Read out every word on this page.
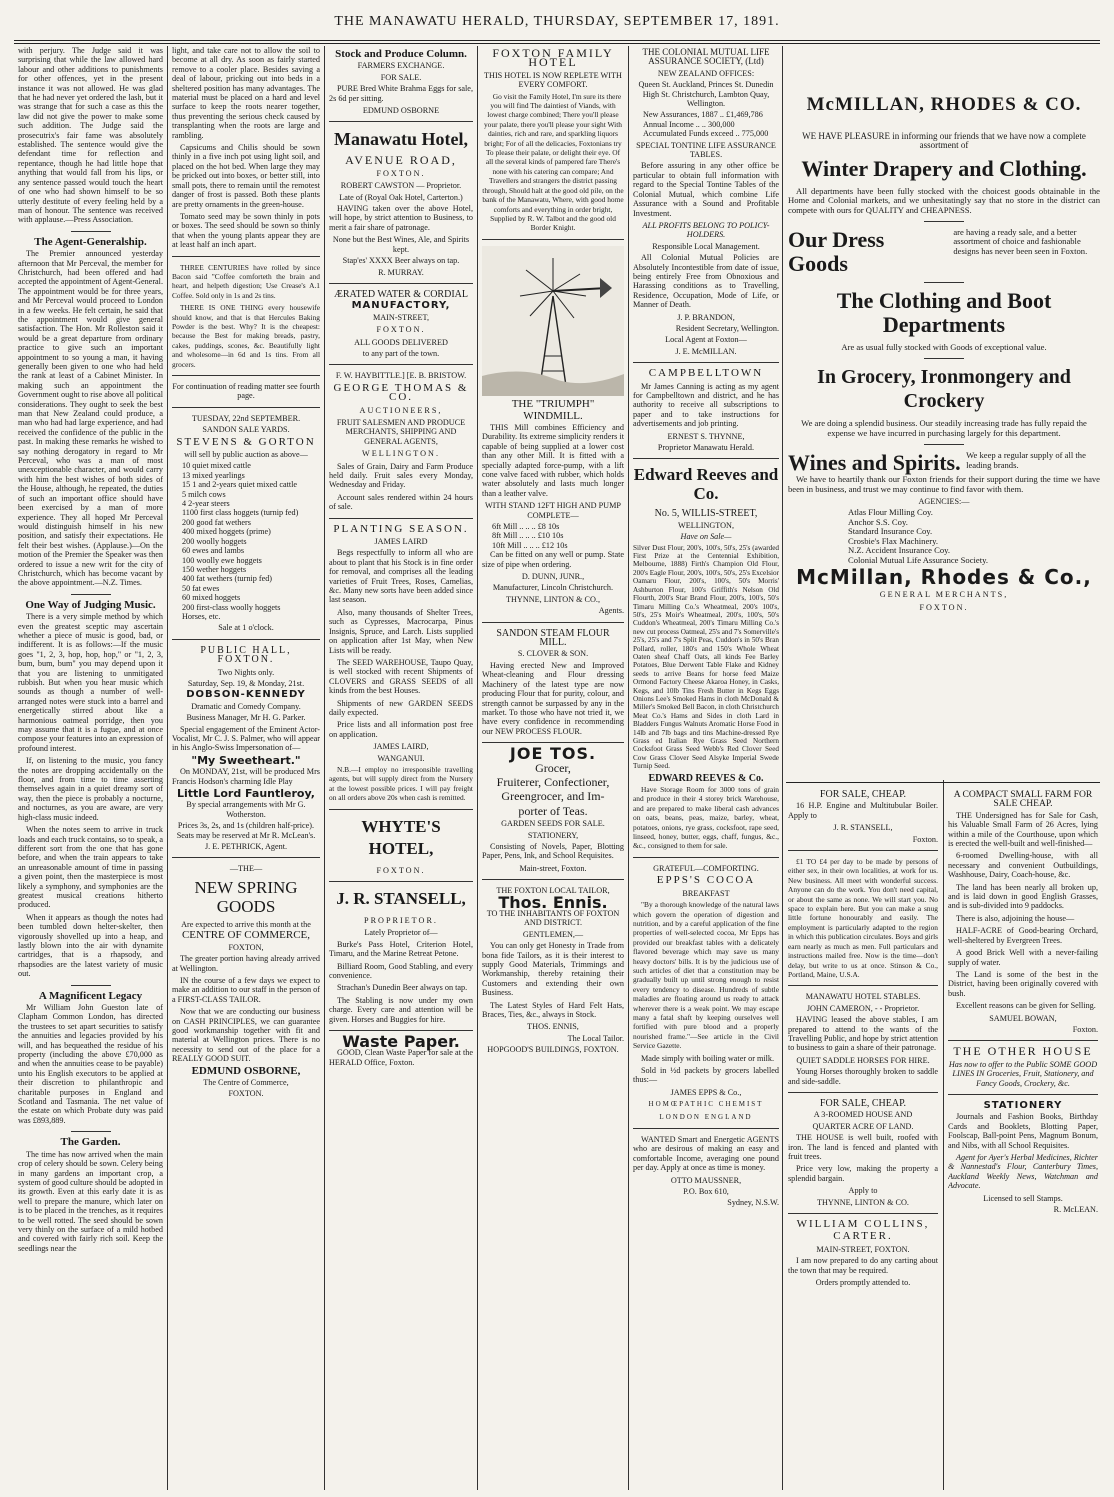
THE MANAWATU HERALD, THURSDAY, SEPTEMBER 17, 1891.

with perjury. The Judge said it was surprising that while the law allowed hard labour and other additions to punishments for other offences, yet in the present instance it was not allowed. He was glad that he had never yet ordered the lash, but it was strange that for such a case as this the law did not give the power to make some such addition. The Judge said the prosecutrix's fair fame was absolutely established. The sentence would give the defendant time for reflection and repentance, though he had little hope that anything that would fall from his lips, or any sentence passed would touch the heart of one who had shown himself to be so utterly destitute of every feeling held by a man of honour. The sentence was received with applause.—Press Association.

The Agent-Generalship.

The Premier announced yesterday afternoon that Mr Perceval, the member for Christchurch, had been offered and had accepted the appointment of Agent-General. The appointment would be for three years, and Mr Perceval would proceed to London in a few weeks. He felt certain, he said that the appointment would give general satisfaction. The Hon. Mr Rolleston said it would be a great departure from ordinary practice to give such an important appointment to so young a man, it having generally been given to one who had held the rank at least of a Cabinet Minister. In making such an appointment the Government ought to rise above all political considerations. They ought to seek the best man that New Zealand could produce, a man who had had large experience, and had received the confidence of the public in the past. In making these remarks he wished to say nothing derogatory in regard to Mr Perceval, who was a man of most unexceptionable character, and would carry with him the best wishes of both sides of the House, although, he repeated, the duties of such an important office should have been exercised by a man of more experience. They all hoped Mr Perceval would distinguish himself in his new position, and satisfy their expectations. He felt their best wishes. (Applause.)—On the motion of the Premier the Speaker was then ordered to issue a new writ for the city of Christchurch, which has become vacant by the above appointment.—N.Z. Times.

One Way of Judging Music.

There is a very simple method by which even the greatest sceptic may ascertain whether a piece of music is good, bad, or indifferent. It is as follows:—If the music goes "1, 2, 3, hop, hop, hop," or "1, 2, 3, bum, bum, bum" you may depend upon it that you are listening to unmitigated rubbish. But when you hear music which sounds as though a number of well-arranged notes were stuck into a barrel and energetically stirred about like a harmonious oatmeal porridge, then you may assume that it is a fugue, and at once compose your features into an expression of profound interest.

If, on listening to the music, you fancy the notes are dropping accidentally on the floor, and from time to time asserting themselves again in a quiet dreamy sort of way, then the piece is probably a nocturne, and nocturnes, as you are aware, are very high-class music indeed.

When the notes seem to arrive in truck loads and each truck contains, so to speak, a different sort from the one that has gone before, and when the train appears to take an unreasonable amount of time in passing a given point, then the masterpiece is most likely a symphony, and symphonies are the greatest musical creations hitherto produced.

When it appears as though the notes had been tumbled down helter-skelter, then vigorously shovelled up into a heap, and lastly blown into the air with dynamite cartridges, that is a rhapsody, and rhapsodies are the latest variety of music out.

A Magnificent Legacy

Mr William John Gueston late of Clapham Common London, has directed the trustees to set apart securities to satisfy the annuities and legacies provided by his will, and has bequeathed the residue of his property (including the above £70,000 as and when the annuities cease to be payable) unto his English executors to be applied at their discretion to philanthropic and charitable purposes in England and Scotland and Tasmania. The net value of the estate on which Probate duty was paid was £893,889.

The Garden.

The time has now arrived when the main crop of celery should be sown. Celery being in many gardens an important crop, a system of good culture should be adopted in its growth. Even at this early date it is as well to prepare the manure, which later on is to be placed in the trenches, as it requires to be well rotted. The seed should be sown very thinly on the surface of a mild hotbed and covered with fairly rich soil. Keep the seedlings near the

light, and take care not to allow the soil to become at all dry. As soon as fairly started remove to a cooler place. Besides saving a deal of labour, pricking out into beds in a sheltered position has many advantages. The material must be placed on a hard and level surface to keep the roots nearer together, thus preventing the serious check caused by transplanting when the roots are large and rambling.

Capsicums and Chilis should be sown thinly in a five inch pot using light soil, and placed on the hot bed. When large they may be pricked out into boxes, or better still, into small pots, there to remain until the remotest danger of frost is passed. Both these plants are pretty ornaments in the green-house.

Tomato seed may be sown thinly in pots or boxes. The seed should be sown so thinly that when the young plants appear they are at least half an inch apart.

THREE CENTURIES have rolled by since Bacon said "Coffee comforteth the brain and heart, and helpeth digestion; Use Crease's A.1 Coffee. Sold only in 1s and 2s tins.

THERE IS ONE THING every housewife should know, and that is that Hercules Baking Powder is the best. Why? It is the cheapest: because the Best for making breads, pastry, cakes, puddings, scones, &c. Beautifully light and wholesome—in 6d and 1s tins. From all grocers.

For continuation of reading matter see fourth page.
TUESDAY, 22nd SEPTEMBER.
SANDON SALE YARDS.
STEVENS & GORTON
will sell by public auction as above—
10 quiet mixed cattle
13 mixed yearlings
15 1 and 2-years quiet mixed cattle
5 milch cows
4 2-year steers
1100 first class hoggets (turnip fed)
200 good fat wethers
400 mixed hoggets (prime)
200 woolly hoggets
60 ewes and lambs
100 woolly ewe hoggets
150 wether hoggets
400 fat wethers (turnip fed)
50 fat ewes
60 mixed hoggets
200 first-class woolly hoggets
Horses, etc.
Sale at 1 o'clock.
PUBLIC HALL, FOXTON.
Two Nights only.
Saturday, Sep. 19, & Monday, 21st.
DOBSON-KENNEDY
Dramatic and Comedy Company.
Business Manager, Mr H. G. Parker.

Special engagement of the Eminent Actor-Vocalist, Mr C. J. S. Palmer, who will appear in his Anglo-Swiss Impersonation of—

"My Sweetheart."

On MONDAY, 21st, will be produced Mrs Francis Hodson's charming Idle Play

Little Lord Fauntleroy,
By special arrangements with Mr G. Wotherston.
Prices 3s, 2s, and 1s (children half-price). Seats may be reserved at Mr R. McLean's.
J. E. PETHRICK, Agent.
—THE—
NEW SPRING GOODS
Are expected to arrive this month at the
CENTRE OF COMMERCE,
FOXTON,

The greater portion having already arrived at Wellington.

IN the course of a few days we expect to make an addition to our staff in the person of a FIRST-CLASS TAILOR.

Now that we are conducting our business on CASH PRINCIPLES, we can guarantee good workmanship together with fit and material at Wellington prices. There is no necessity to send out of the place for a REALLY GOOD SUIT.

EDMUND OSBORNE,
The Centre of Commerce,
FOXTON.
Stock and Produce Column.
FARMERS EXCHANGE.
FOR SALE.

PURE Bred White Brahma Eggs for sale, 2s 6d per sitting.

EDMUND OSBORNE
Manawatu Hotel,
AVENUE ROAD,
FOXTON.
ROBERT CAWSTON — Proprietor.
Late of (Royal Oak Hotel, Carterton.)

HAVING taken over the above Hotel, will hope, by strict attention to Business, to merit a fair share of patronage.

None but the Best Wines, Ale, and Spirits kept.
Stap'es' XXXX Beer always on tap.
R. MURRAY.
ÆRATED WATER & CORDIAL
MANUFACTORY,
MAIN-STREET,
FOXTON.
ALL GOODS DELIVERED
to any part of the town.
F. W. HAYBITTLE.] [E. B. BRISTOW.
GEORGE THOMAS & CO.
AUCTIONEERS,
FRUIT SALESMEN AND PRODUCE MERCHANTS, SHIPPING AND GENERAL AGENTS,
WELLINGTON.

Sales of Grain, Dairy and Farm Produce held daily. Fruit sales every Monday, Wednesday and Friday.

Account sales rendered within 24 hours of sale.

PLANTING SEASON.
JAMES LAIRD

Begs respectfully to inform all who are about to plant that his Stock is in fine order for removal, and comprises all the leading varieties of Fruit Trees, Roses, Camelias, &c. Many new sorts have been added since last season.

Also, many thousands of Shelter Trees, such as Cypresses, Macrocarpa, Pinus Insignis, Spruce, and Larch. Lists supplied on application after 1st May, when New Lists will be ready.

The SEED WAREHOUSE, Taupo Quay, is well stocked with recent Shipments of CLOVERS and GRASS SEEDS of all kinds from the best Houses.

Shipments of new GARDEN SEEDS daily expected.

Price lists and all information post free on application.

JAMES LAIRD,
WANGANUI.

N.B.—I employ no irresponsible travelling agents, but will supply direct from the Nursery at the lowest possible prices. I will pay freight on all orders above 20s when cash is remitted.

WHYTE'S HOTEL,
FOXTON.
J. R. STANSELL,
PROPRIETOR.
Lately Proprietor of—

Burke's Pass Hotel, Criterion Hotel, Timaru, and the Marine Retreat Petone.

Billiard Room, Good Stabling, and every convenience.

Strachan's Dunedin Beer always on tap.

The Stabling is now under my own charge. Every care and attention will be given. Horses and Buggies for hire.

Waste Paper.

GOOD, Clean Waste Paper for sale at the HERALD Office, Foxton.

FOXTON FAMILY HOTEL
THIS HOTEL IS NOW REPLETE WITH EVERY COMFORT.

Go visit the Family Hotel, I'm sure its there you will find The daintiest of Viands, with lowest charge combined; There you'll please your palate, there you'll please your sight With dainties, rich and rare, and sparkling liquors bright; For of all the delicacies, Foxtonians try To please their palate, or delight their eye. Of all the several kinds of pampered fare There's none with his catering can compare; And Travellers and strangers the district passing through, Should halt at the good old pile, on the bank of the Manawatu, Where, with good home comforts and everything in order bright, Supplied by R. W. Talbot and the good old Border Knight.

THE "TRIUMPH"
WINDMILL.

THIS Mill combines Efficiency and Durability. Its extreme simplicity renders it capable of being supplied at a lower cost than any other Mill. It is fitted with a specially adapted force-pump, with a lift cone valve faced with rubber, which holds water absolutely and lasts much longer than a leather valve.

WITH STAND 12FT HIGH AND PUMP COMPLETE—
6ft Mill .. .. .. £8 10s
8ft Mill .. .. .. £10 10s
10ft Mill .. .. .. £12 10s

Can be fitted on any well or pump. State size of pipe when ordering.

D. DUNN, JUNR.,
Manufacturer, Lincoln Christchurch.
THYNNE, LINTON & CO.,
Agents.
SANDON STEAM FLOUR MILL.
S. CLOVER & SON.

Having erected New and Improved Wheat-cleaning and Flour dressing Machinery of the latest type are now producing Flour that for purity, colour, and strength cannot be surpassed by any in the market. To those who have not tried it, we have every confidence in recommending our NEW PROCESS FLOUR.

JOE TOS.
Grocer,
Fruiterer, Confectioner,
Greengrocer, and Im-
porter of Teas.
GARDEN SEEDS FOR SALE.
STATIONERY,

Consisting of Novels, Paper, Blotting Paper, Pens, Ink, and School Requisites.

Main-street, Foxton.
THE FOXTON LOCAL TAILOR,
Thos. Ennis.
TO THE INHABITANTS OF FOXTON AND DISTRICT.
GENTLEMEN,—

You can only get Honesty in Trade from bona fide Tailors, as it is their interest to supply Good Materials, Trimmings and Workmanship, thereby retaining their Customers and extending their own Business.

The Latest Styles of Hard Felt Hats, Braces, Ties, &c., always in Stock.

THOS. ENNIS,
The Local Tailor.
HOPGOOD'S BUILDINGS, FOXTON.
THE COLONIAL MUTUAL LIFE ASSURANCE SOCIETY, (Ltd)
NEW ZEALAND OFFICES:
Queen St. Auckland, Princes St. Dunedin High St. Christchurch, Lambton Quay, Wellington.
New Assurances, 1887 .. £1,469,786
Annual Income .. .. 300,000
Accumulated Funds exceed .. 775,000
SPECIAL TONTINE LIFE ASSURANCE TABLES.

Before assuring in any other office be particular to obtain full information with regard to the Special Tontine Tables of the Colonial Mutual, which combine Life Assurance with a Sound and Profitable Investment.

ALL PROFITS BELONG TO POLICY-HOLDERS.
Responsible Local Management.

All Colonial Mutual Policies are Absolutely Incontestible from date of issue, being entirely Free from Obnoxious and Harassing conditions as to Travelling, Residence, Occupation, Mode of Life, or Manner of Death.

J. P. BRANDON,
Resident Secretary, Wellington.
Local Agent at Foxton—
J. E. McMILLAN.
CAMPBELLTOWN

Mr James Canning is acting as my agent for Campbelltown and district, and he has authority to receive all subscriptions to paper and to take instructions for advertisements and job printing.

ERNEST S. THYNNE,
Proprietor Manawatu Herald.
Edward Reeves and Co.
No. 5, WILLIS-STREET,
WELLINGTON,
Have on Sale—

Silver Dust Flour, 200's, 100's, 50's, 25's (awarded First Prize at the Centennial Exhibition, Melbourne, 1888) Firth's Champion Old Flour, 200's Eagle Flour, 200's, 100's, 50's, 25's Excelsior Oamaru Flour, 200's, 100's, 50's Morris' Ashburton Flour, 100's Griffith's Nelson Old Flourth, 200's Star Brand Flour, 200's, 100's, 50's Timaru Milling Co.'s Wheatmeal, 200's 100's, 50's, 25's Moir's Wheatmeal, 200's, 100's, 50's Cuddon's Wheatmeal, 200's Timaru Milling Co.'s new cut process Oatmeal, 25's and 7's Somerville's 25's, 25's and 7's Split Peas, Cuddon's in 50's Bran Pollard, roller, 180's and 150's Whole Wheat Oaten sheaf Chaff Oats, all kinds Fee Barley Potatoes, Blue Derwent Table Flake and Kidney seeds to arrive Beans for horse feed Maize Ormond Factory Cheese Akaroa Honey, in Casks, Kegs, and 10lb Tins Fresh Butter in Kegs Eggs Onions Lee's Smoked Hams in cloth McDonald & Miller's Smoked Bell Bacon, in cloth Christchurch Meat Co.'s Hams and Sides in cloth Lard in Bladders Fungus Walnuts Aromatic Horse Food in 14lb and 7lb bags and tins Machine-dressed Rye Grass ed Italian Rye Grass Seed Northern Cocksfoot Grass Seed Webb's Red Clover Seed Cow Grass Clover Seed Alsyke Imperial Swede Turnip Seed.

EDWARD REEVES & Co.

Have Storage Room for 3000 tons of grain and produce in their 4 storey brick Warehouse, and are prepared to make liberal cash advances on oats, beans, peas, maize, barley, wheat, potatoes, onions, rye grass, cocksfoot, rape seed, linseed, honey, butter, eggs, chaff, fungus, &c., &c., consigned to them for sale.

GRATEFUL—COMFORTING.
EPPS'S COCOA
BREAKFAST

"By a thorough knowledge of the natural laws which govern the operation of digestion and nutrition, and by a careful application of the fine properties of well-selected cocoa, Mr Epps has provided our breakfast tables with a delicately flavored beverage which may save us many heavy doctors' bills. It is by the judicious use of such articles of diet that a constitution may be gradually built up until strong enough to resist every tendency to disease. Hundreds of subtle maladies are floating around us ready to attack wherever there is a weak point. We may escape many a fatal shaft by keeping ourselves well fortified with pure blood and a properly nourished frame."—See article in the Civil Service Gazette.

Made simply with boiling water or milk.

Sold in ½d packets by grocers labelled thus:—

JAMES EPPS & Co.,
HOMŒPATHIC CHEMIST
LONDON ENGLAND

WANTED Smart and Energetic AGENTS who are desirous of making an easy and comfortable Income, averaging one pound per day. Apply at once as time is money.

OTTO MAUSSNER,
P.O. Box 610,
Sydney, N.S.W.
McMILLAN, RHODES & CO.
WE HAVE PLEASURE in informing our friends that we have now a complete assortment of
Winter Drapery and Clothing.

All departments have been fully stocked with the choicest goods obtainable in the Home and Colonial markets, and we unhesitatingly say that no store in the district can compete with ours for QUALITY and CHEAPNESS.

Our Dress Goods
are having a ready sale, and a better assortment of choice and fashionable designs has never been seen in Foxton.
The Clothing and Boot Departments
Are as usual fully stocked with Goods of exceptional value.
In Grocery, Ironmongery and Crockery
We are doing a splendid business. Our steadily increasing trade has fully repaid the expense we have incurred in purchasing largely for this department.
Wines and Spirits. We keep a regular supply of all the leading brands.

We have to heartily thank our Foxton friends for their support during the time we have been in business, and trust we may continue to find favor with them.

AGENCIES:—
Atlas Flour Milling Coy.
Anchor S.S. Coy.
Standard Insurance Coy.
Crosbie's Flax Machinery.
N.Z. Accident Insurance Coy.
Colonial Mutual Life Assurance Society.
McMillan, Rhodes & Co.,
GENERAL MERCHANTS,
FOXTON.
FOR SALE, CHEAP.

16 H.P. Engine and Multitubular Boiler. Apply to

J. R. STANSELL,
Foxton.

£1 TO £4 per day to be made by persons of either sex, in their own localities, at work for us. New business. All meet with wonderful success. Anyone can do the work. You don't need capital, or about the same as none. We will start you. No space to explain here. But you can make a snug little fortune honourably and easily. The employment is particularly adapted to the region in which this publication circulates. Boys and girls earn nearly as much as men. Full particulars and instructions mailed free. Now is the time—don't delay, but write to us at once. Stinson & Co., Portland, Maine, U.S.A.

MANAWATU HOTEL STABLES.
JOHN CAMERON, - - Proprietor.

HAVING leased the above stables, I am prepared to attend to the wants of the Travelling Public, and hope by strict attention to business to gain a share of their patronage.

QUIET SADDLE HORSES FOR HIRE.

Young Horses thoroughly broken to saddle and side-saddle.

FOR SALE, CHEAP.
A 3-ROOMED HOUSE AND
QUARTER ACRE OF LAND.

THE HOUSE is well built, roofed with iron. The land is fenced and planted with fruit trees.

Price very low, making the property a splendid bargain.

Apply to
THYNNE, LINTON & CO.
WILLIAM COLLINS,
CARTER.
MAIN-STREET, FOXTON.

I am now prepared to do any carting about the town that may be required.

Orders promptly attended to.
A COMPACT SMALL FARM FOR SALE CHEAP.

THE Undersigned has for Sale for Cash, his Valuable Small Farm of 26 Acres, lying within a mile of the Courthouse, upon which is erected the well-built and well-finished—

6-roomed Dwelling-house, with all necessary and convenient Outbuildings, Washhouse, Dairy, Coach-house, &c.

The land has been nearly all broken up, and is laid down in good English Grasses, and is sub-divided into 9 paddocks.

There is also, adjoining the house—

HALF-ACRE of Good-bearing Orchard, well-sheltered by Evergreen Trees.

A good Brick Well with a never-failing supply of water.

The Land is some of the best in the District, having been originally covered with bush.

Excellent reasons can be given for Selling.

SAMUEL BOWAN,
Foxton.
THE OTHER HOUSE

Has now to offer to the Public SOME GOOD LINES IN Groceries, Fruit, Stationery, and Fancy Goods, Crockery, &c.

STATIONERY

Journals and Fashion Books, Birthday Cards and Booklets, Blotting Paper, Foolscap, Ball-point Pens, Magnum Bonum, and Nibs, with all School Requisites.

Agent for Ayer's Herbal Medicines, Richter & Nannestad's Flour, Canterbury Times, Auckland Weekly News, Watchman and Advocate.

Licensed to sell Stamps.
R. McLEAN.
